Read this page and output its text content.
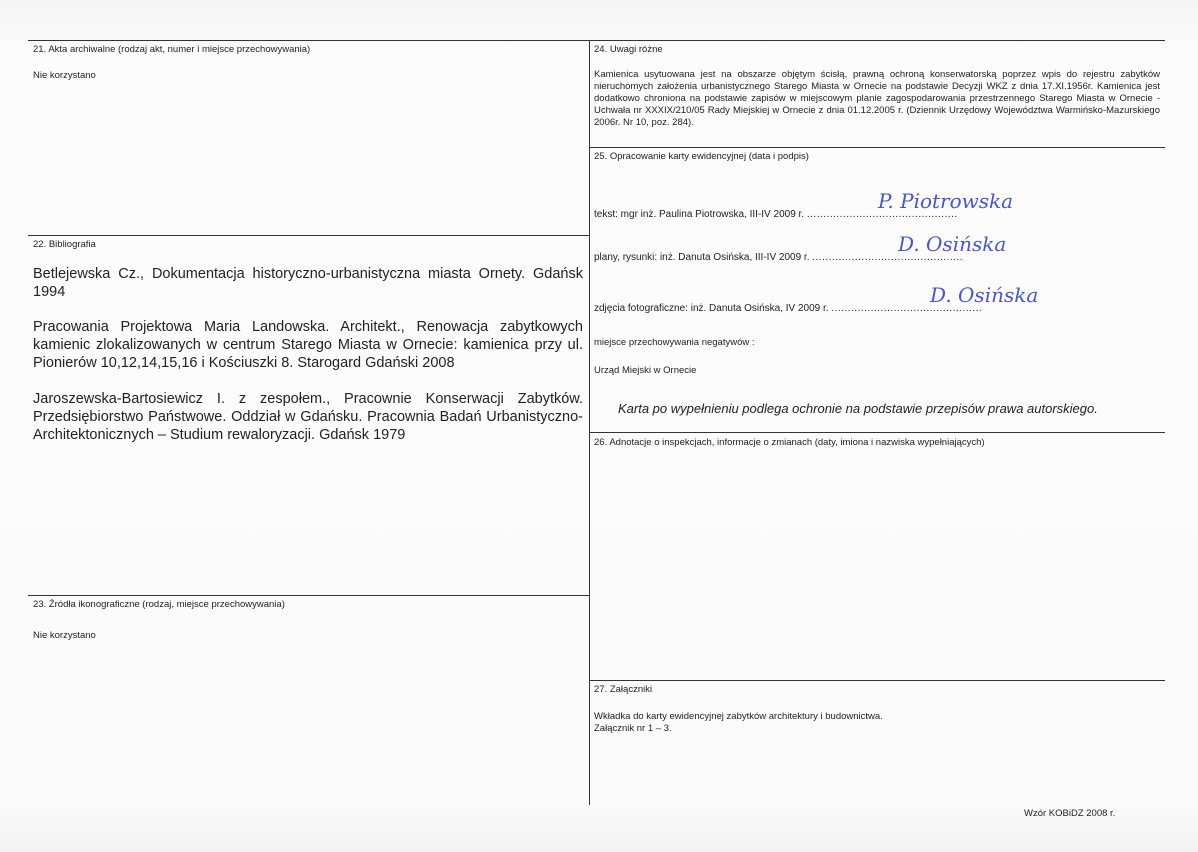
21. Akta archiwalne (rodzaj akt, numer i miejsce przechowywania)
Nie korzystano
22. Bibliografia
Betlejewska Cz., Dokumentacja historyczno-urbanistyczna miasta Ornety. Gdańsk 1994
Pracowania Projektowa Maria Landowska. Architekt., Renowacja zabytkowych kamienic zlokalizowanych w centrum Starego Miasta w Ornecie: kamienica przy ul. Pionierów 10,12,14,15,16 i Kościuszki 8. Starogard Gdański 2008
Jaroszewska-Bartosiewicz I. z zespołem., Pracownie Konserwacji Zabytków. Przedsiębiorstwo Państwowe. Oddział w Gdańsku. Pracownia Badań Urbanistyczno-Architektonicznych – Studium rewaloryzacji. Gdańsk 1979
23. Źródła ikonograficzne (rodzaj, miejsce przechowywania)
Nie korzystano
24. Uwagi różne
Kamienica usytuowana jest na obszarze objętym ścisłą, prawną ochroną konserwatorską poprzez wpis do rejestru zabytków nieruchomych założenia urbanistycznego Starego Miasta w Ornecie na podstawie Decyzji WKZ z dnia 17.XI.1956r. Kamienica jest dodatkowo chroniona na podstawie zapisów w miejscowym planie zagospodarowania przestrzennego Starego Miasta w Ornecie - Uchwała nr XXXIX/210/05 Rady Miejskiej w Ornecie z dnia 01.12.2005 r. (Dziennik Urzędowy Województwa Warmińsko-Mazurskiego 2006r. Nr 10, poz. 284).
25. Opracowanie karty ewidencyjnej (data i podpis)
tekst: mgr inż. Paulina Piotrowska, III-IV 2009 r. ..............................................
P. Piotrowska
plany, rysunki: inż. Danuta Osińska, III-IV 2009 r. ..............................................
D. Osińska
zdjęcia fotograficzne: inż. Danuta Osińska, IV 2009 r. ..............................................
D. Osińska
miejsce przechowywania negatywów :
Urząd Miejski w Ornecie
Karta po wypełnieniu podlega ochronie na podstawie przepisów prawa autorskiego.
26. Adnotacje o inspekcjach, informacje o zmianach (daty, imiona i nazwiska wypełniających)
27. Załączniki
Wkładka do karty ewidencyjnej zabytków architektury i budownictwa.
Załącznik nr 1 – 3.
Wzór KOBiDZ 2008 r.
